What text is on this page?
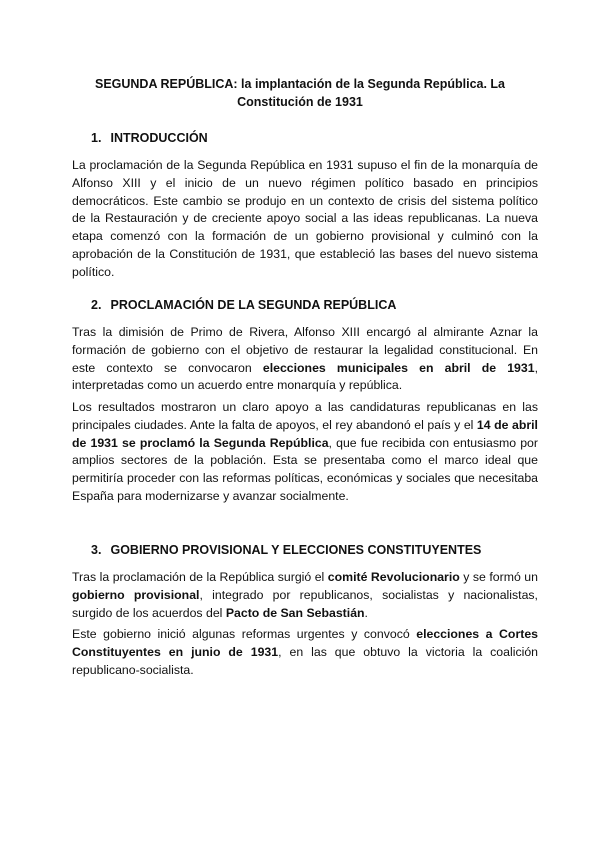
SEGUNDA REPÚBLICA: la implantación de la Segunda República. La Constitución de 1931
1. INTRODUCCIÓN
La proclamación de la Segunda República en 1931 supuso el fin de la monarquía de Alfonso XIII y el inicio de un nuevo régimen político basado en principios democráticos. Este cambio se produjo en un contexto de crisis del sistema político de la Restauración y de creciente apoyo social a las ideas republicanas. La nueva etapa comenzó con la formación de un gobierno provisional y culminó con la aprobación de la Constitución de 1931, que estableció las bases del nuevo sistema político.
2. PROCLAMACIÓN DE LA SEGUNDA REPÚBLICA
Tras la dimisión de Primo de Rivera, Alfonso XIII encargó al almirante Aznar la formación de gobierno con el objetivo de restaurar la legalidad constitucional. En este contexto se convocaron elecciones municipales en abril de 1931, interpretadas como un acuerdo entre monarquía y república.
Los resultados mostraron un claro apoyo a las candidaturas republicanas en las principales ciudades. Ante la falta de apoyos, el rey abandonó el país y el 14 de abril de 1931 se proclamó la Segunda República, que fue recibida con entusiasmo por amplios sectores de la población. Esta se presentaba como el marco ideal que permitiría proceder con las reformas políticas, económicas y sociales que necesitaba España para modernizarse y avanzar socialmente.
3. GOBIERNO PROVISIONAL Y ELECCIONES CONSTITUYENTES
Tras la proclamación de la República surgió el comité Revolucionario y se formó un gobierno provisional, integrado por republicanos, socialistas y nacionalistas, surgido de los acuerdos del Pacto de San Sebastián.
Este gobierno inició algunas reformas urgentes y convocó elecciones a Cortes Constituyentes en junio de 1931, en las que obtuvo la victoria la coalición republicano-socialista.
